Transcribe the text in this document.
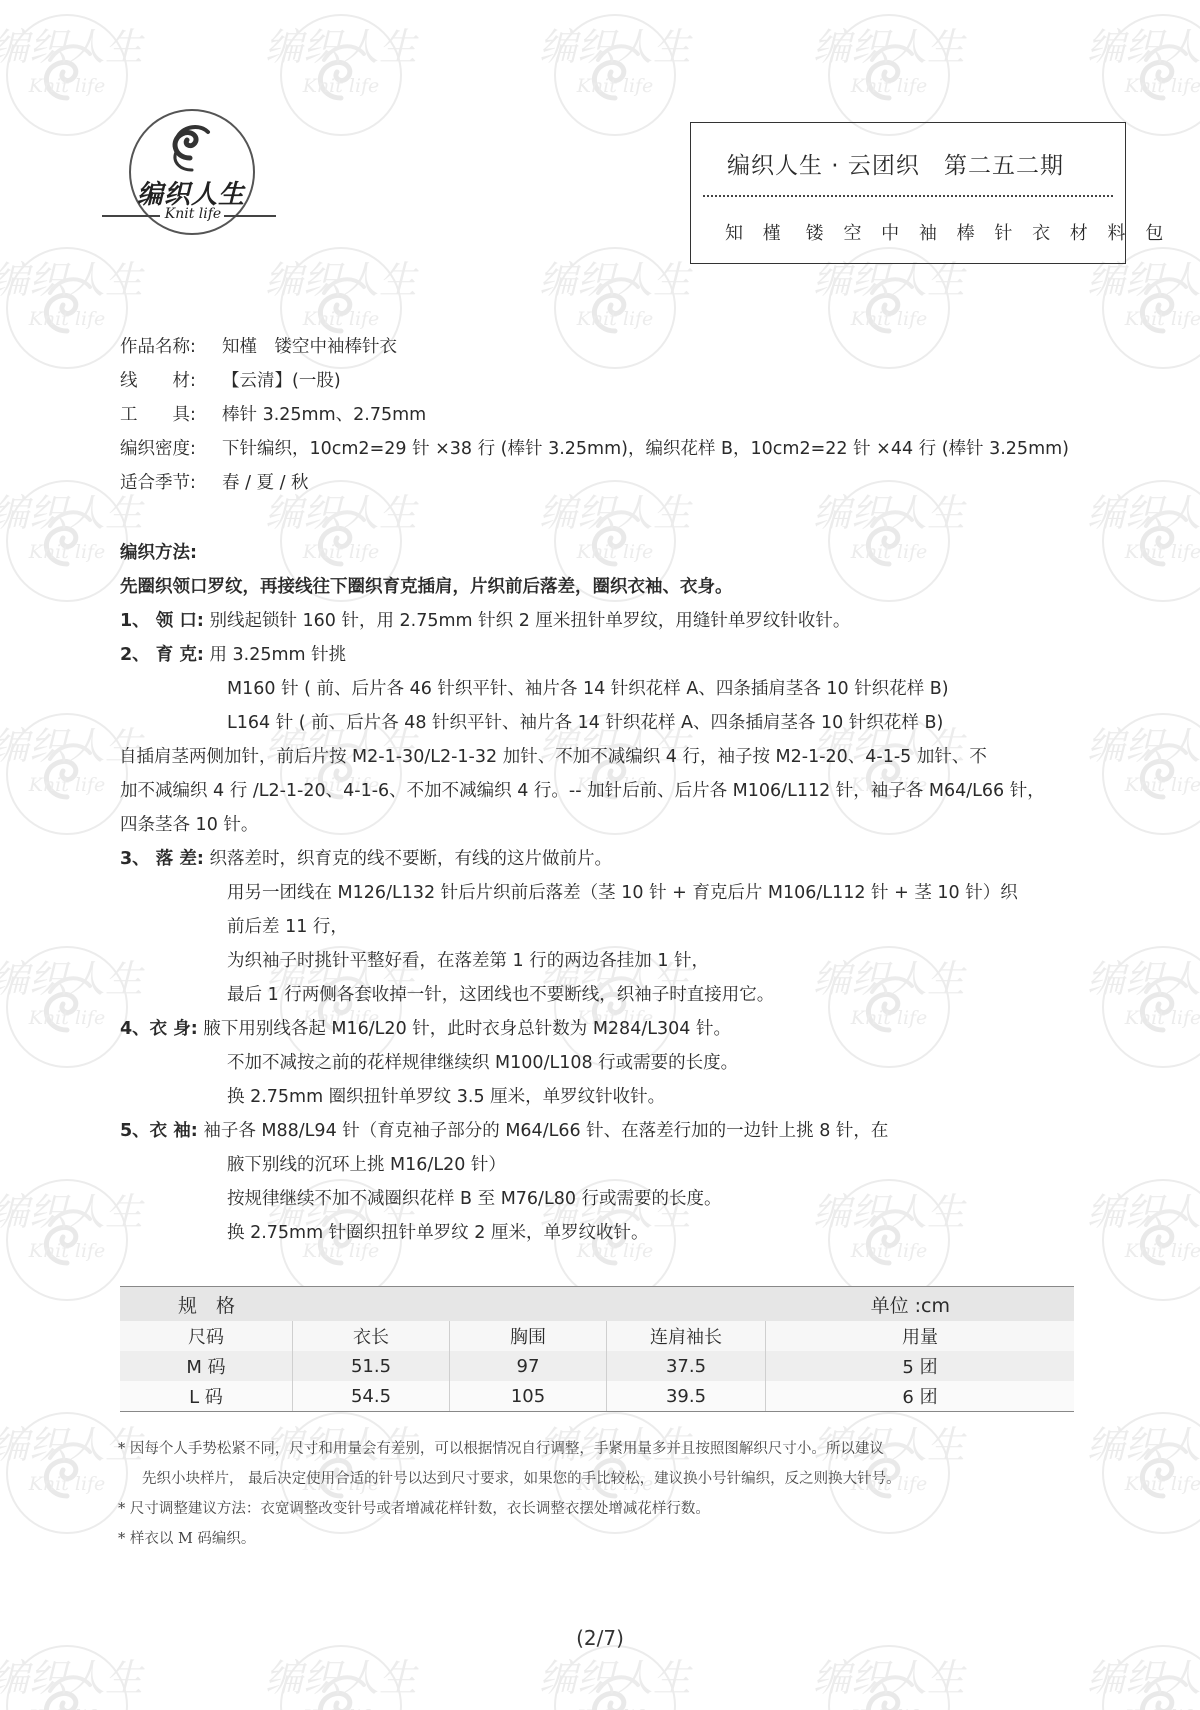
编织人生
Knit life
编织人生 · 云团织 第二五二期
知 槿 镂 空 中 袖 棒 针 衣 材 料 包
作品名称: 知槿　镂空中袖棒针衣
线　　材: 【云清】(一股)
工　　具: 棒针 3.25mm、2.75mm
编织密度: 下针编织，10cm2=29 针 ×38 行 (棒针 3.25mm)，编织花样 B，10cm2=22 针 ×44 行 (棒针 3.25mm)
适合季节: 春 / 夏 / 秋
编织方法:
先圈织领口罗纹，再接线往下圈织育克插肩，片织前后落差，圈织衣袖、衣身。
1、 领 口: 别线起锁针 160 针，用 2.75mm 针织 2 厘米扭针单罗纹，用缝针单罗纹针收针。
2、 育 克: 用 3.25mm 针挑
M160 针 ( 前、后片各 46 针织平针、袖片各 14 针织花样 A、四条插肩茎各 10 针织花样 B)
L164 针 ( 前、后片各 48 针织平针、袖片各 14 针织花样 A、四条插肩茎各 10 针织花样 B)
自插肩茎两侧加针，前后片按 M2-1-30/L2-1-32 加针、不加不减编织 4 行，袖子按 M2-1-20、4-1-5 加针、不
加不减编织 4 行 /L2-1-20、4-1-6、不加不减编织 4 行。-- 加针后前、后片各 M106/L112 针，袖子各 M64/L66 针，
四条茎各 10 针。
3、 落 差: 织落差时，织育克的线不要断，有线的这片做前片。
用另一团线在 M126/L132 针后片织前后落差（茎 10 针 + 育克后片 M106/L112 针 + 茎 10 针）织
前后差 11 行，
为织袖子时挑针平整好看，在落差第 1 行的两边各挂加 1 针，
最后 1 行两侧各套收掉一针，这团线也不要断线，织袖子时直接用它。
4、衣 身: 腋下用别线各起 M16/L20 针，此时衣身总针数为 M284/L304 针。
不加不减按之前的花样规律继续织 M100/L108 行或需要的长度。
换 2.75mm 圈织扭针单罗纹 3.5 厘米，单罗纹针收针。
5、衣 袖: 袖子各 M88/L94 针（育克袖子部分的 M64/L66 针、在落差行加的一边针上挑 8 针，在
腋下别线的沉环上挑 M16/L20 针）
按规律继续不加不减圈织花样 B 至 M76/L80 行或需要的长度。
换 2.75mm 针圈织扭针单罗纹 2 厘米，单罗纹收针。
规　格			单位 :cm	
尺码	衣长	胸围	连肩袖长	用量
M 码	51.5	97	37.5	5 团
L 码	54.5	105	39.5	6 团
* 因每个人手势松紧不同，尺寸和用量会有差别，可以根据情况自行调整，手紧用量多并且按照图解织尺寸小。所以建议
先织小块样片， 最后决定使用合适的针号以达到尺寸要求，如果您的手比较松，建议换小号针编织，反之则换大针号。
* 尺寸调整建议方法：衣宽调整改变针号或者增减花样针数，衣长调整衣摆处增减花样行数。
* 样衣以 M 码编织。
(2/7)
